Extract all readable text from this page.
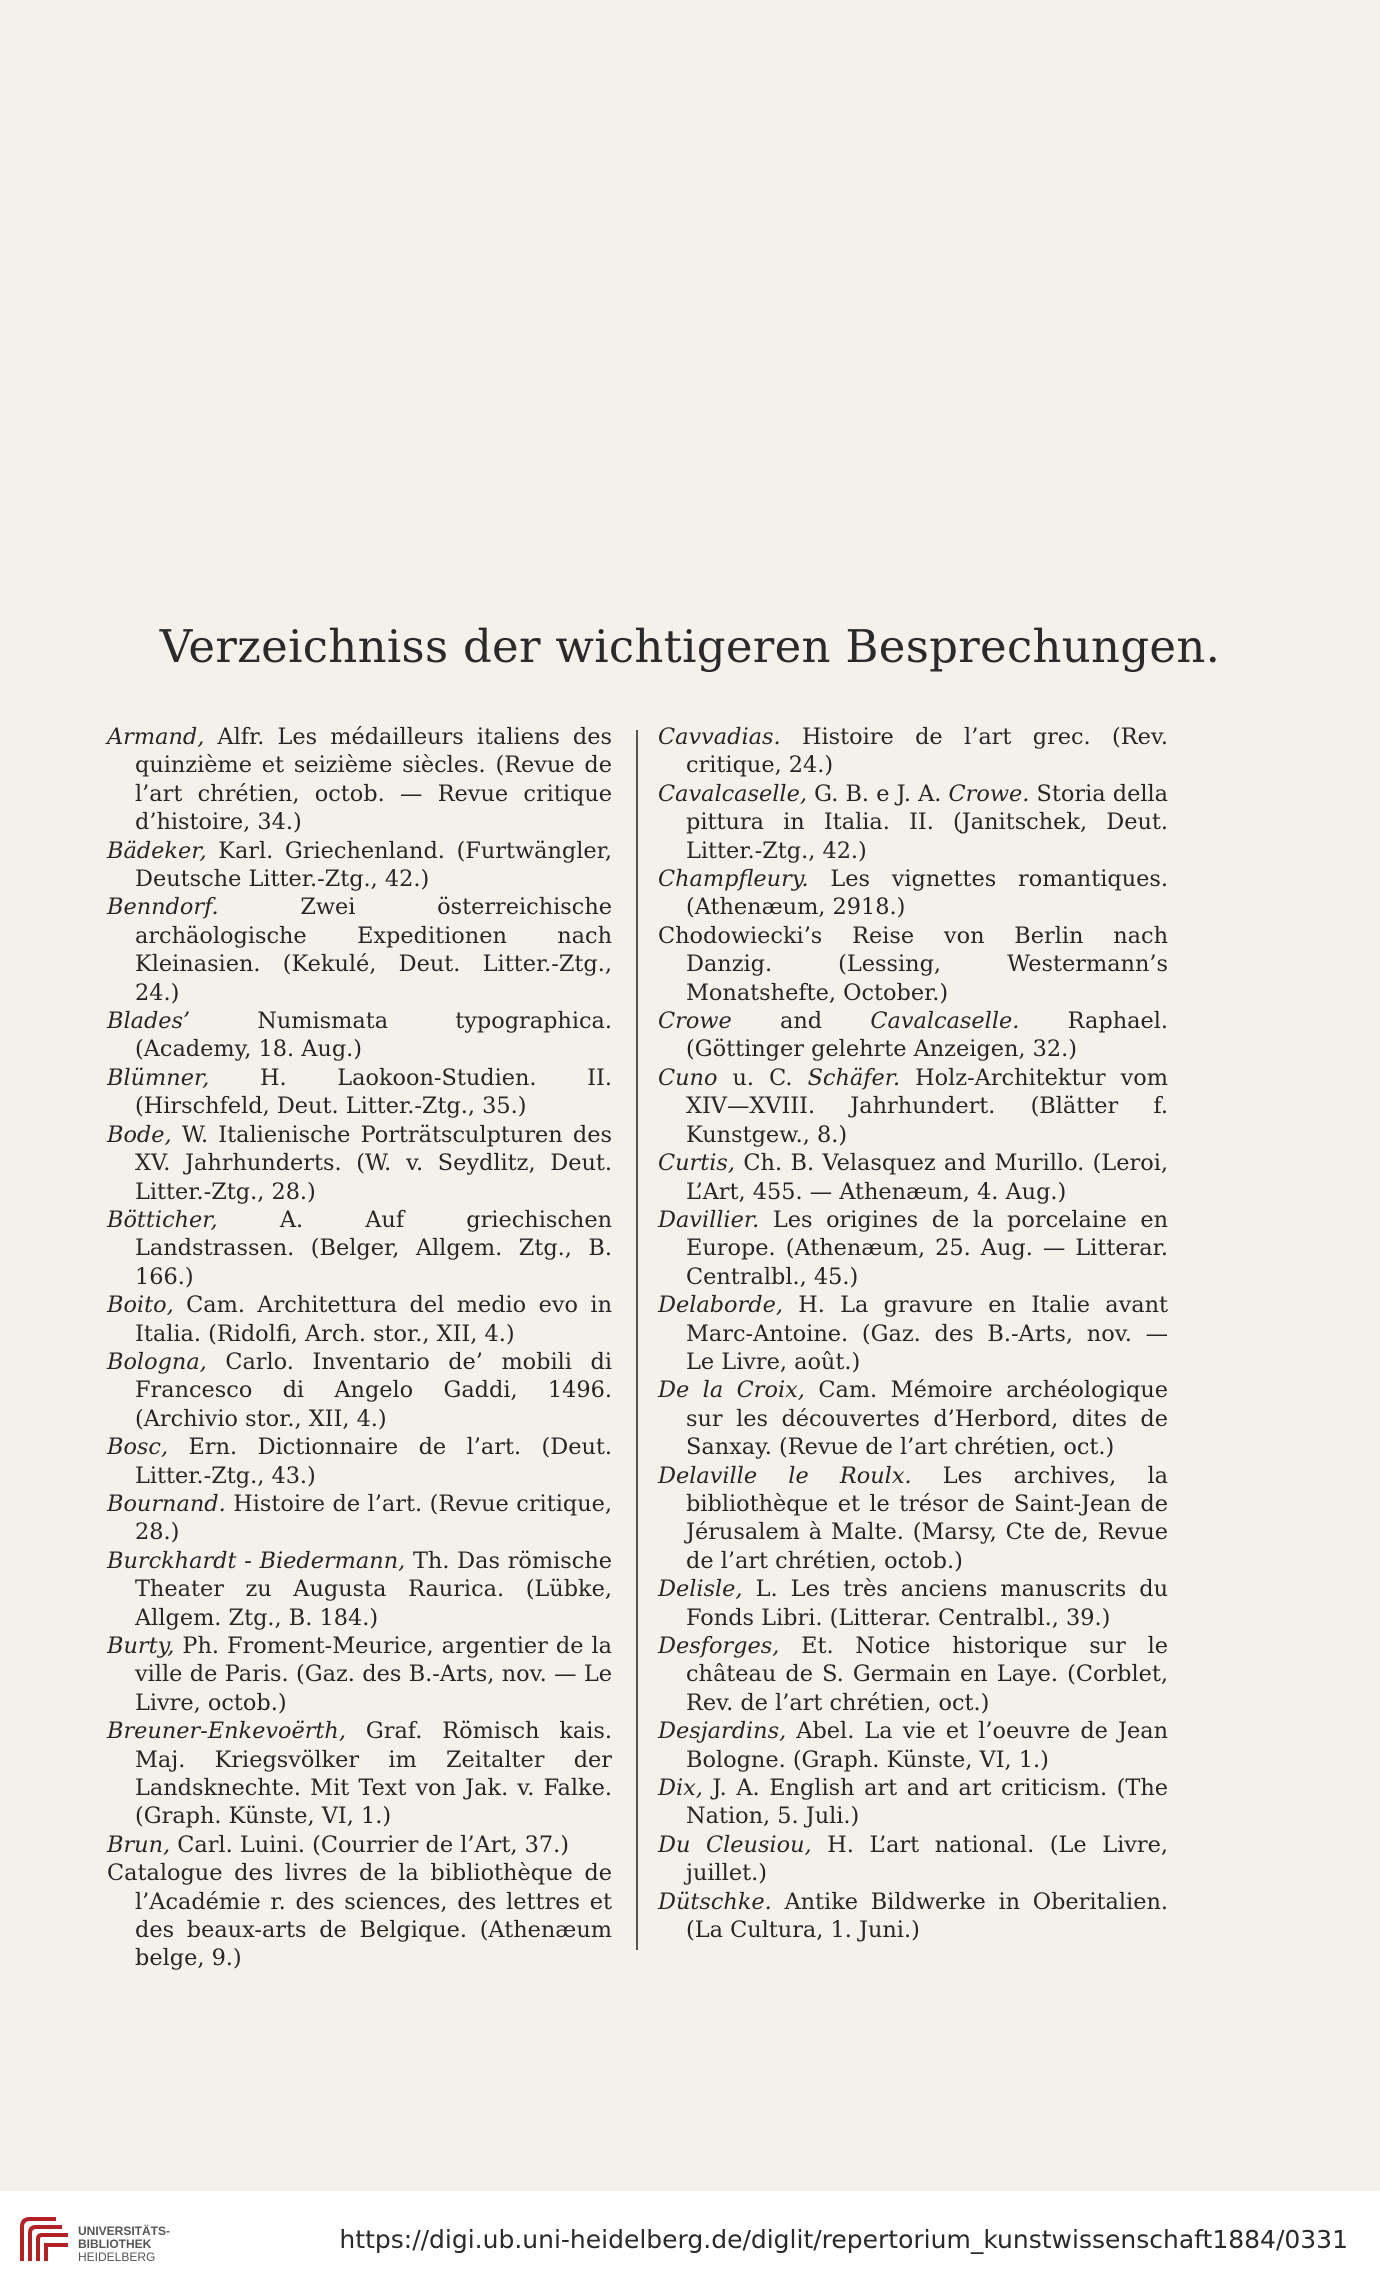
Verzeichniss der wichtigeren Besprechungen.

Armand, Alfr. Les médailleurs italiens des quinzième et seizième siècles. (Revue de l’art chrétien, octob. — Revue critique d’histoire, 34.)

Bädeker, Karl. Griechenland. (Furtwängler, Deutsche Litter.-Ztg., 42.)

Benndorf. Zwei österreichische archäologische Expeditionen nach Kleinasien. (Kekulé, Deut. Litter.-Ztg., 24.)

Blades’ Numismata typographica. (Academy, 18. Aug.)

Blümner, H. Laokoon-Studien. II. (Hirschfeld, Deut. Litter.-Ztg., 35.)

Bode, W. Italienische Porträtsculpturen des XV. Jahrhunderts. (W. v. Seydlitz, Deut. Litter.-Ztg., 28.)

Bötticher, A. Auf griechischen Landstrassen. (Belger, Allgem. Ztg., B. 166.)

Boito, Cam. Architettura del medio evo in Italia. (Ridolfi, Arch. stor., XII, 4.)

Bologna, Carlo. Inventario de’ mobili di Francesco di Angelo Gaddi, 1496. (Archivio stor., XII, 4.)

Bosc, Ern. Dictionnaire de l’art. (Deut. Litter.-Ztg., 43.)

Bournand. Histoire de l’art. (Revue critique, 28.)

Burckhardt - Biedermann, Th. Das römische Theater zu Augusta Raurica. (Lübke, Allgem. Ztg., B. 184.)

Burty, Ph. Froment-Meurice, argentier de la ville de Paris. (Gaz. des B.-Arts, nov. — Le Livre, octob.)

Breuner-Enkevoërth, Graf. Römisch kais. Maj. Kriegsvölker im Zeitalter der Landsknechte. Mit Text von Jak. v. Falke. (Graph. Künste, VI, 1.)

Brun, Carl. Luini. (Courrier de l’Art, 37.)

Catalogue des livres de la bibliothèque de l’Académie r. des sciences, des lettres et des beaux-arts de Belgique. (Athenæum belge, 9.)

Cavvadias. Histoire de l’art grec. (Rev. critique, 24.)

Cavalcaselle, G. B. e J. A. Crowe. Storia della pittura in Italia. II. (Janitschek, Deut. Litter.-Ztg., 42.)

Champfleury. Les vignettes romantiques. (Athenæum, 2918.)

Chodowiecki’s Reise von Berlin nach Danzig. (Lessing, Westermann’s Monatshefte, October.)

Crowe and Cavalcaselle. Raphael. (Göttinger gelehrte Anzeigen, 32.)

Cuno u. C. Schäfer. Holz-Architektur vom XIV—XVIII. Jahrhundert. (Blätter f. Kunstgew., 8.)

Curtis, Ch. B. Velasquez and Murillo. (Leroi, L’Art, 455. — Athenæum, 4. Aug.)

Davillier. Les origines de la porcelaine en Europe. (Athenæum, 25. Aug. — Litterar. Centralbl., 45.)

Delaborde, H. La gravure en Italie avant Marc-Antoine. (Gaz. des B.-Arts, nov. — Le Livre, août.)

De la Croix, Cam. Mémoire archéologique sur les découvertes d’Herbord, dites de Sanxay. (Revue de l’art chrétien, oct.)

Delaville le Roulx. Les archives, la bibliothèque et le trésor de Saint-Jean de Jérusalem à Malte. (Marsy, Cte de, Revue de l’art chrétien, octob.)

Delisle, L. Les très anciens manuscrits du Fonds Libri. (Litterar. Centralbl., 39.)

Desforges, Et. Notice historique sur le château de S. Germain en Laye. (Corblet, Rev. de l’art chrétien, oct.)

Desjardins, Abel. La vie et l’oeuvre de Jean Bologne. (Graph. Künste, VI, 1.)

Dix, J. A. English art and art criticism. (The Nation, 5. Juli.)

Du Cleusiou, H. L’art national. (Le Livre, juillet.)

Dütschke. Antike Bildwerke in Oberitalien. (La Cultura, 1. Juni.)

UNIVERSITÄTS-
BIBLIOTHEK
HEIDELBERG
https://digi.ub.uni-heidelberg.de/diglit/repertorium_kunstwissenschaft1884/0331
